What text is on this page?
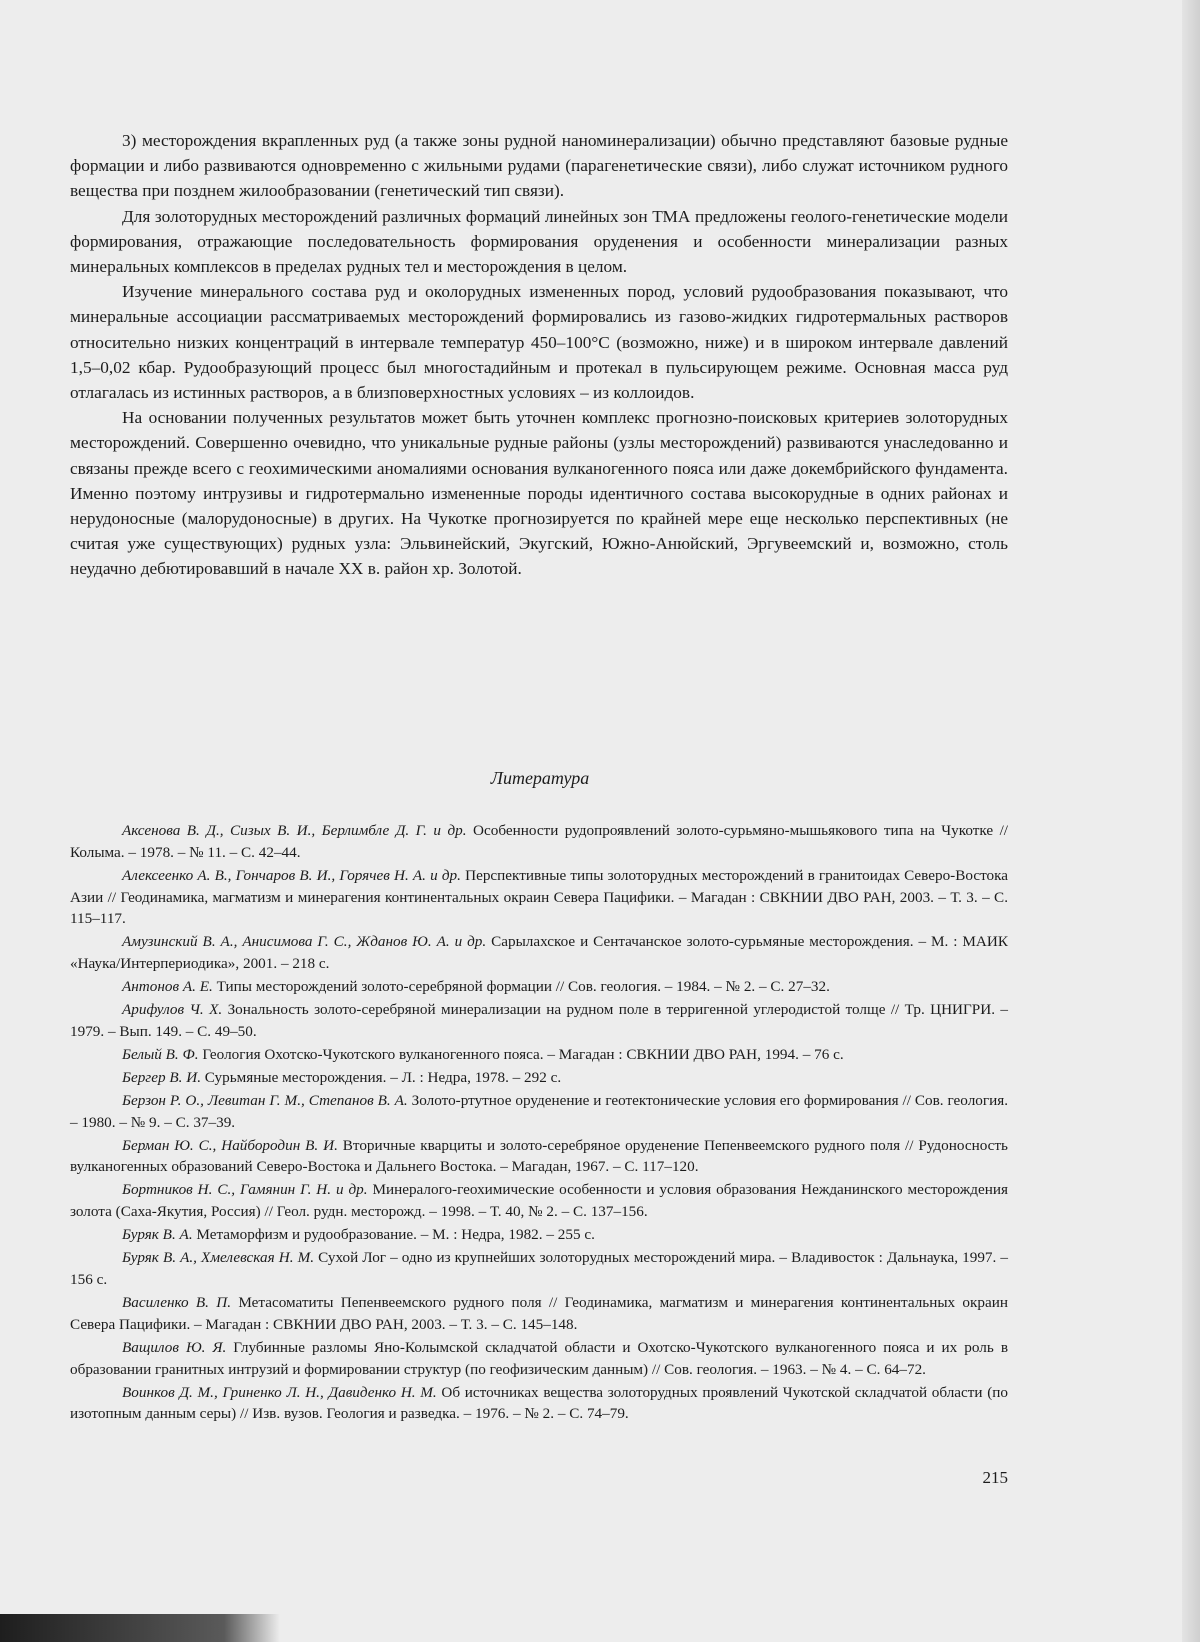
3) месторождения вкрапленных руд (а также зоны рудной наноминерализации) обычно представляют базовые рудные формации и либо развиваются одновременно с жильными рудами (парагенетические связи), либо служат источником рудного вещества при позднем жилообразовании (генетический тип связи).

Для золоторудных месторождений различных формаций линейных зон ТМА предложены геолого-генетические модели формирования, отражающие последовательность формирования оруденения и особенности минерализации разных минеральных комплексов в пределах рудных тел и месторождения в целом.

Изучение минерального состава руд и околорудных измененных пород, условий рудообразования показывают, что минеральные ассоциации рассматриваемых месторождений формировались из газово-жидких гидротермальных растворов относительно низких концентраций в интервале температур 450–100°С (возможно, ниже) и в широком интервале давлений 1,5–0,02 кбар. Рудообразующий процесс был многостадийным и протекал в пульсирующем режиме. Основная масса руд отлагалась из истинных растворов, а в близповерхностных условиях – из коллоидов.

На основании полученных результатов может быть уточнен комплекс прогнозно-поисковых критериев золоторудных месторождений. Совершенно очевидно, что уникальные рудные районы (узлы месторождений) развиваются унаследованно и связаны прежде всего с геохимическими аномалиями основания вулканогенного пояса или даже докембрийского фундамента. Именно поэтому интрузивы и гидротермально измененные породы идентичного состава высокорудные в одних районах и нерудоносные (малорудоносные) в других. На Чукотке прогнозируется по крайней мере еще несколько перспективных (не считая уже существующих) рудных узла: Эльвинейский, Экугский, Южно-Анюйский, Эргувеемский и, возможно, столь неудачно дебютировавший в начале XX в. район хр. Золотой.

Литература

Аксенова В. Д., Сизых В. И., Берлимбле Д. Г. и др. Особенности рудопроявлений золото-сурьмяно-мышьякового типа на Чукотке // Колыма. – 1978. – № 11. – С. 42–44.

Алексеенко А. В., Гончаров В. И., Горячев Н. А. и др. Перспективные типы золоторудных месторождений в гранитоидах Северо-Востока Азии // Геодинамика, магматизм и минерагения континентальных окраин Севера Пацифики. – Магадан : СВКНИИ ДВО РАН, 2003. – Т. 3. – С. 115–117.

Амузинский В. А., Анисимова Г. С., Жданов Ю. А. и др. Сарылахское и Сентачанское золото-сурьмяные месторождения. – М. : МАИК «Наука/Интерпериодика», 2001. – 218 с.

Антонов А. Е. Типы месторождений золото-серебряной формации // Сов. геология. – 1984. – № 2. – С. 27–32.

Арифулов Ч. Х. Зональность золото-серебряной минерализации на рудном поле в терригенной углеродистой толще // Тр. ЦНИГРИ. – 1979. – Вып. 149. – С. 49–50.

Белый В. Ф. Геология Охотско-Чукотского вулканогенного пояса. – Магадан : СВКНИИ ДВО РАН, 1994. – 76 с.

Бергер В. И. Сурьмяные месторождения. – Л. : Недра, 1978. – 292 с.

Берзон Р. О., Левитан Г. М., Степанов В. А. Золото-ртутное оруденение и геотектонические условия его формирования // Сов. геология. – 1980. – № 9. – С. 37–39.

Берман Ю. С., Найбородин В. И. Вторичные кварциты и золото-серебряное оруденение Пепенвеемского рудного поля // Рудоносность вулканогенных образований Северо-Востока и Дальнего Востока. – Магадан, 1967. – С. 117–120.

Бортников Н. С., Гамянин Г. Н. и др. Минералого-геохимические особенности и условия образования Нежданинского месторождения золота (Саха-Якутия, Россия) // Геол. рудн. месторожд. – 1998. – Т. 40, № 2. – С. 137–156.

Буряк В. А. Метаморфизм и рудообразование. – М. : Недра, 1982. – 255 с.

Буряк В. А., Хмелевская Н. М. Сухой Лог – одно из крупнейших золоторудных месторождений мира. – Владивосток : Дальнаука, 1997. – 156 с.

Василенко В. П. Метасоматиты Пепенвеемского рудного поля // Геодинамика, магматизм и минерагения континентальных окраин Севера Пацифики. – Магадан : СВКНИИ ДВО РАН, 2003. – Т. 3. – С. 145–148.

Ващилов Ю. Я. Глубинные разломы Яно-Колымской складчатой области и Охотско-Чукотского вулканогенного пояса и их роль в образовании гранитных интрузий и формировании структур (по геофизическим данным) // Сов. геология. – 1963. – № 4. – С. 64–72.

Воинков Д. М., Гриненко Л. Н., Давиденко Н. М. Об источниках вещества золоторудных проявлений Чукотской складчатой области (по изотопным данным серы) // Изв. вузов. Геология и разведка. – 1976. – № 2. – С. 74–79.

215
